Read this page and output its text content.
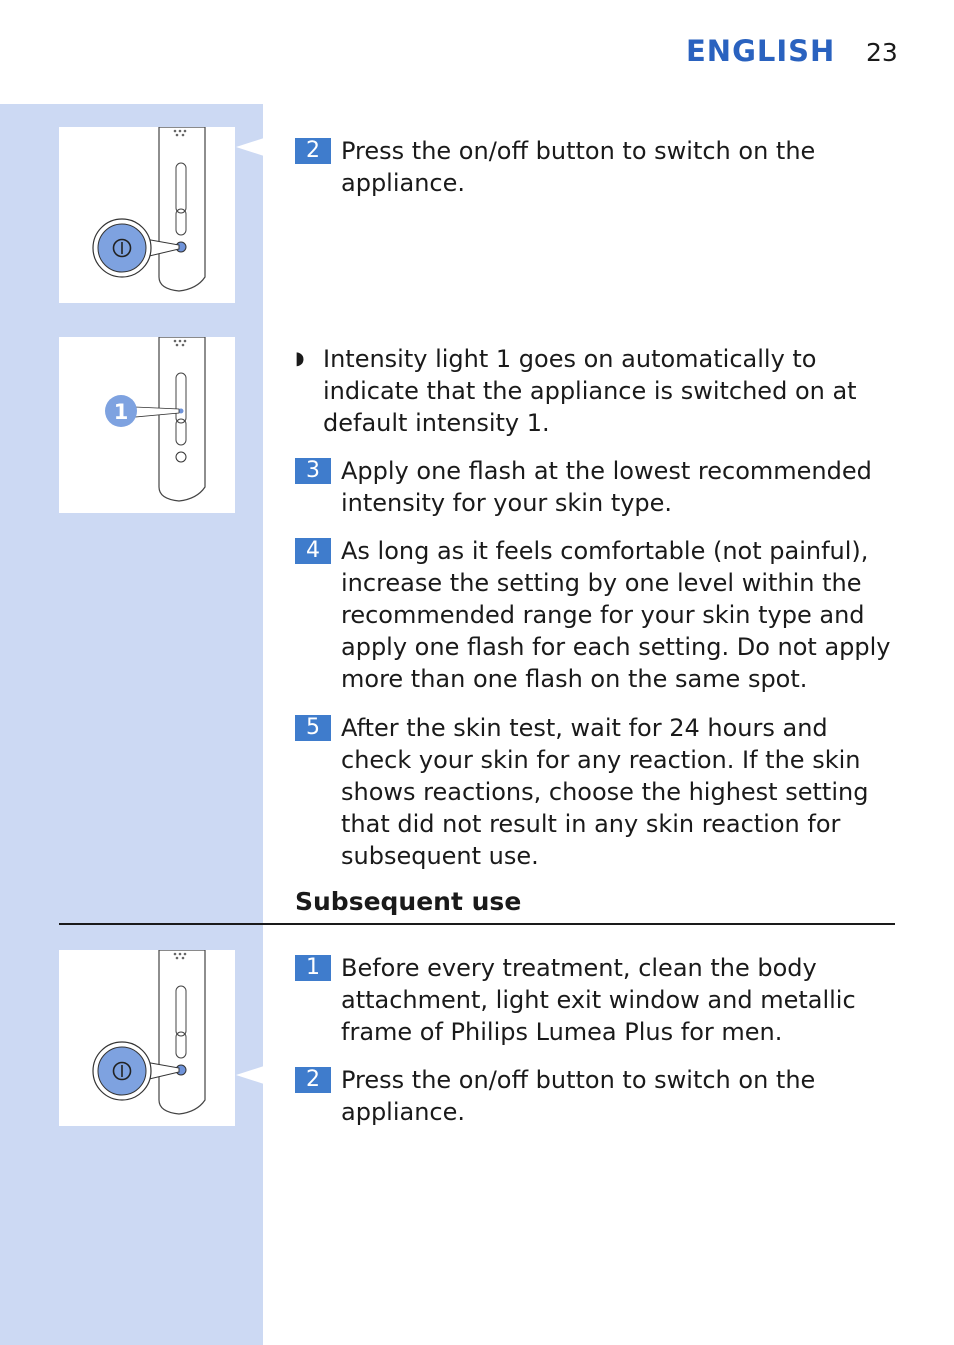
ENGLISH 23
1
2 Press the on/off button to switch on the appliance.
◗ Intensity light 1 goes on automatically to indicate that the appliance is switched on at default intensity 1.
3 Apply one flash at the lowest recommended intensity for your skin type.
4 As long as it feels comfortable (not painful), increase the setting by one level within the recommended range for your skin type and apply one flash for each setting. Do not apply more than one flash on the same spot.
5 After the skin test, wait for 24 hours and check your skin for any reaction. If the skin shows reactions, choose the highest setting that did not result in any skin reaction for subsequent use.
Subsequent use
1 Before every treatment, clean the body attachment, light exit window and metallic frame of Philips Lumea Plus for men.
2 Press the on/off button to switch on the appliance.
